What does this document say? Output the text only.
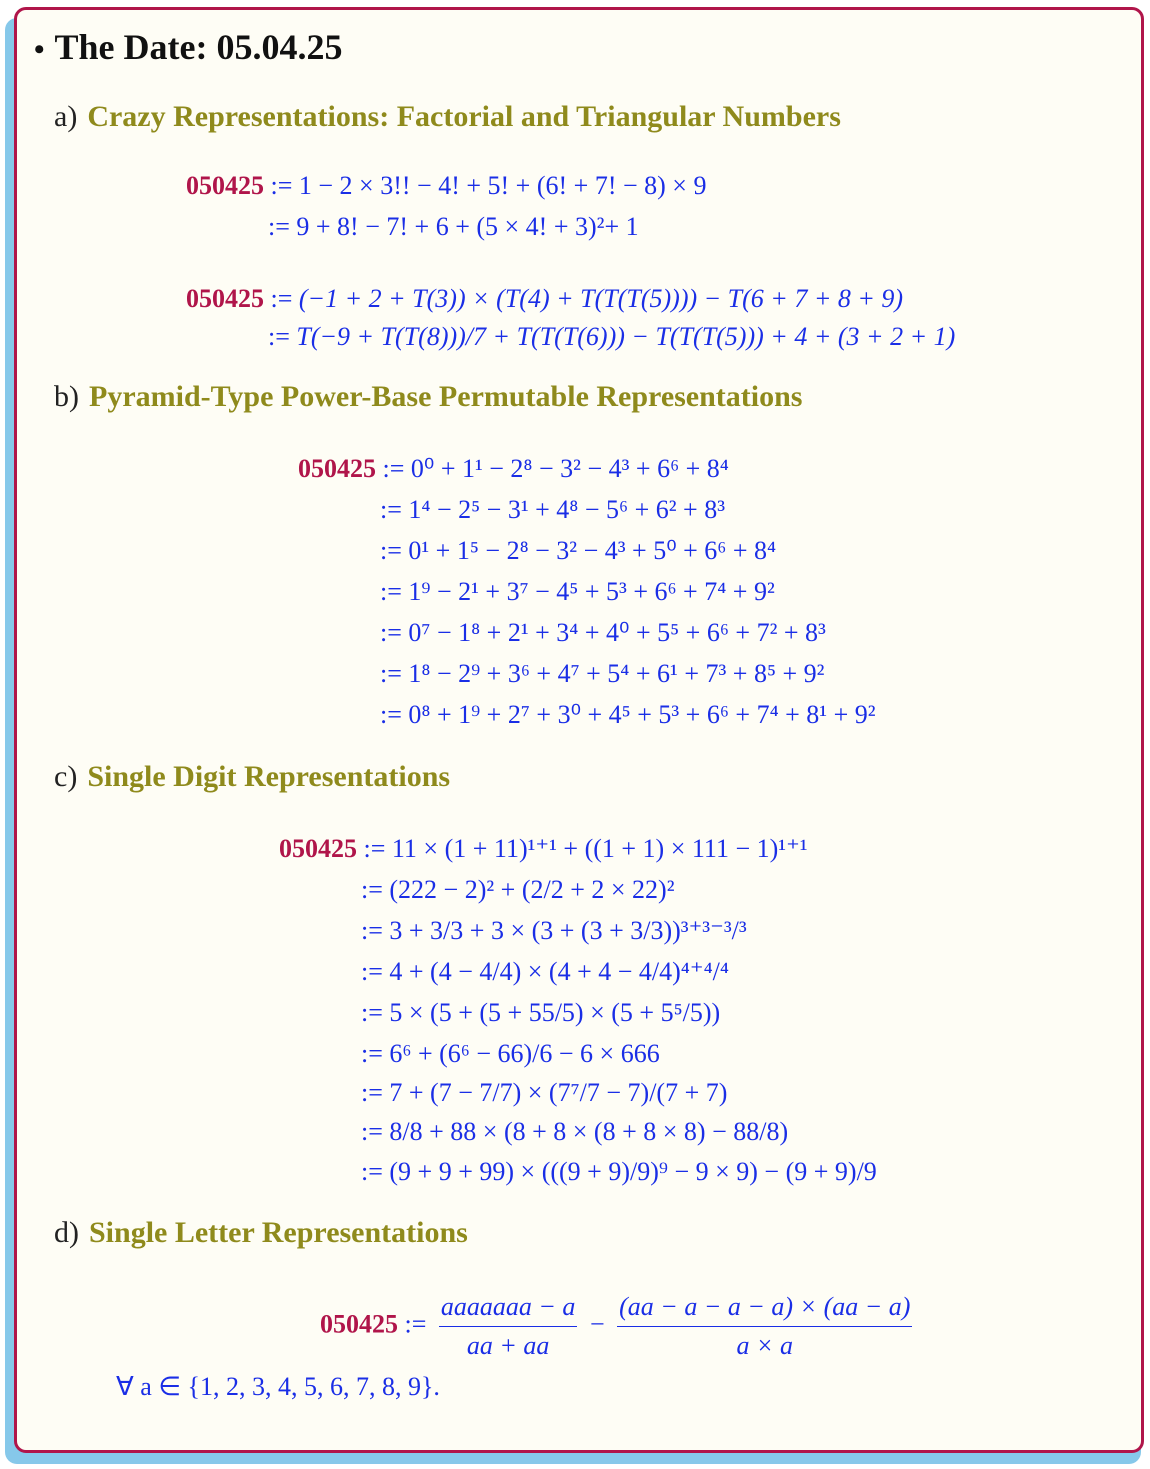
• The Date: 05.04.25
a) Crazy Representations: Factorial and Triangular Numbers
050425 := 1 − 2 × 3!! − 4! + 5! + (6! + 7! − 8) × 9
:= 9 + 8! − 7! + 6 + (5 × 4! + 3)²+ 1
050425 := (−1 + 2 + T(3)) × (T(4) + T(T(T(5)))) − T(6 + 7 + 8 + 9)
:= T(−9 + T(T(8)))/7 + T(T(T(6))) − T(T(T(5))) + 4 + (3 + 2 + 1)
b) Pyramid-Type Power-Base Permutable Representations
050425 := 0⁰ + 1¹ − 2⁸ − 3² − 4³ + 6⁶ + 8⁴
:= 1⁴ − 2⁵ − 3¹ + 4⁸ − 5⁶ + 6² + 8³
:= 0¹ + 1⁵ − 2⁸ − 3² − 4³ + 5⁰ + 6⁶ + 8⁴
:= 1⁹ − 2¹ + 3⁷ − 4⁵ + 5³ + 6⁶ + 7⁴ + 9²
:= 0⁷ − 1⁸ + 2¹ + 3⁴ + 4⁰ + 5⁵ + 6⁶ + 7² + 8³
:= 1⁸ − 2⁹ + 3⁶ + 4⁷ + 5⁴ + 6¹ + 7³ + 8⁵ + 9²
:= 0⁸ + 1⁹ + 2⁷ + 3⁰ + 4⁵ + 5³ + 6⁶ + 7⁴ + 8¹ + 9²
c) Single Digit Representations
050425 := 11 × (1 + 11)¹⁺¹ + ((1 + 1) × 111 − 1)¹⁺¹
:= (222 − 2)² + (2/2 + 2 × 22)²
:= 3 + 3/3 + 3 × (3 + (3 + 3/3))³⁺³⁻³/³
:= 4 + (4 − 4/4) × (4 + 4 − 4/4)⁴⁺⁴/⁴
:= 5 × (5 + (5 + 55/5) × (5 + 5⁵/5))
:= 6⁶ + (6⁶ − 66)/6 − 6 × 666
:= 7 + (7 − 7/7) × (7⁷/7 − 7)/(7 + 7)
:= 8/8 + 88 × (8 + 8 × (8 + 8 × 8) − 88/8)
:= (9 + 9 + 99) × (((9 + 9)/9)⁹ − 9 × 9) − (9 + 9)/9
d) Single Letter Representations
050425 := $\frac{\text{aaaaaaa − a}}{aa + aa} - \frac{(aa - a - a - a) \times (aa - a)}{a \times a}$
∀ a ∈ {1, 2, 3, 4, 5, 6, 7, 8, 9}.
